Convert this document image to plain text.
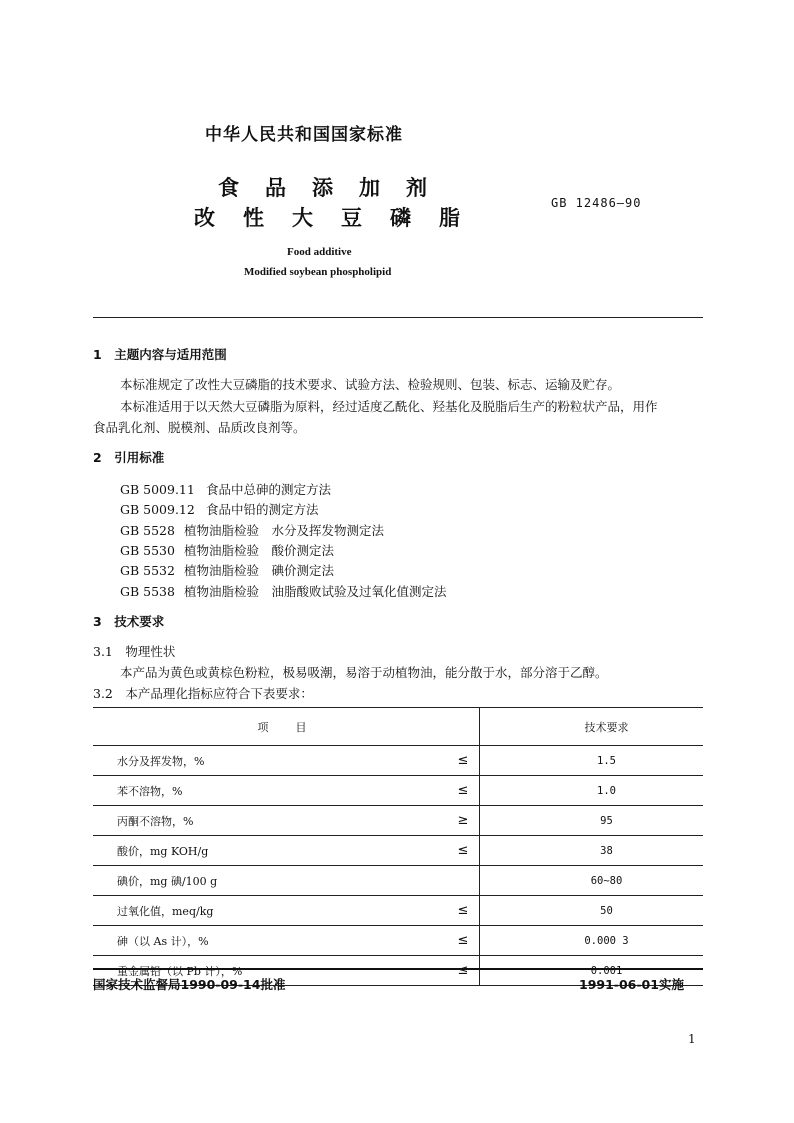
中华人民共和国国家标准
食品添加剂
改性大豆磷脂
GB 12486—90
Food additive
Modified soybean phospholipid
1　主题内容与适用范围
本标准规定了改性大豆磷脂的技术要求、试验方法、检验规则、包装、标志、运输及贮存。
本标准适用于以天然大豆磷脂为原料，经过适度乙酰化、羟基化及脱脂后生产的粉粒状产品，用作
食品乳化剂、脱模剂、品质改良剂等。
2　引用标准
GB 5009.11 食品中总砷的测定方法
GB 5009.12 食品中铅的测定方法
GB 5528 植物油脂检验　水分及挥发物测定法
GB 5530 植物油脂检验　酸价测定法
GB 5532 植物油脂检验　碘价测定法
GB 5538 植物油脂检验　油脂酸败试验及过氧化值测定法
3　技术要求
3.1　物理性状
本产品为黄色或黄棕色粉粒，极易吸潮，易溶于动植物油，能分散于水，部分溶于乙醇。
3.2　本产品理化指标应符合下表要求：
项　目		技术要求
水分及挥发物，%	≤	1.5
苯不溶物，%	≤	1.0
丙酮不溶物，%	≥	95
酸价，mg KOH/g	≤	38
碘价，mg 碘/100 g		60~80
过氧化值，meq/kg	≤	50
砷（以 As 计），%	≤	0.000 3
重金属铅（以 Pb 计），%	≤	0.001
国家技术监督局1990-09-14批准	1991-06-01实施
1
